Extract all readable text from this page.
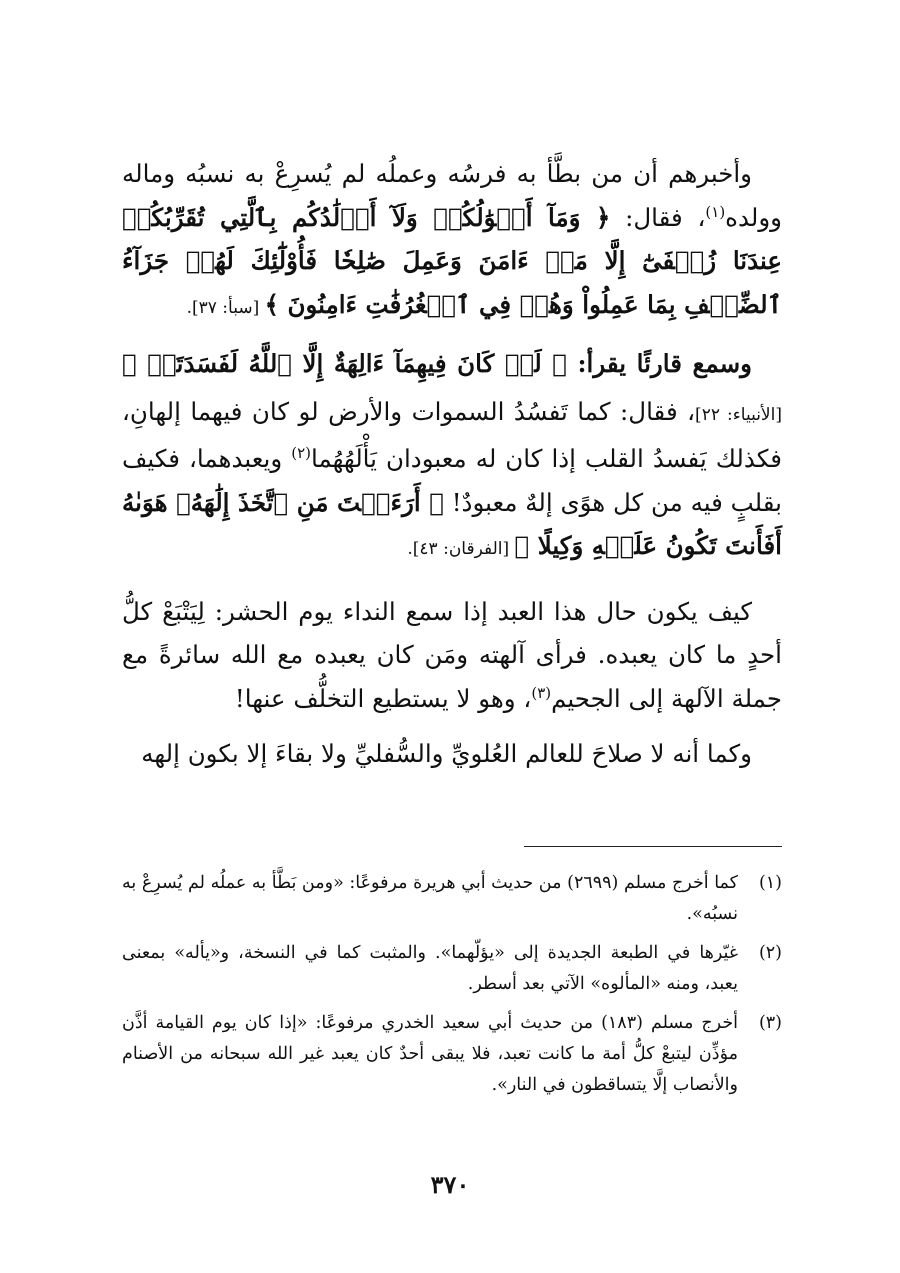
وأخبرهم أن من بطَّأ به فرسُه وعملُه لم يُسرِعْ به نسبُه وماله وولده$^{(١)}$، فقال: ﴿ وَمَآ أَمۡوَٰلُكُمۡ وَلَآ أَوۡلَٰدُكُم بِٱلَّتِي تُقَرِّبُكُمۡ عِندَنَا زُلۡفَىٰٓ إِلَّا مَنۡ ءَامَنَ وَعَمِلَ صَٰلِحٗا فَأُوْلَٰٓئِكَ لَهُمۡ جَزَآءُ ٱلضِّعۡفِ بِمَا عَمِلُواْ وَهُمۡ فِي ٱلۡغُرُفَٰتِ ءَامِنُونَ ﴾ [سبأ: ٣٧].

وسمع قارئًا يقرأ: ﴿ لَوۡ كَانَ فِيهِمَآ ءَالِهَةٌ إِلَّا ٱللَّهُ لَفَسَدَتَاۚ ﴾ [الأنبياء: ٢٢]، فقال: كما تَفسُدُ السموات والأرض لو كان فيهما إلهانِ، فكذلك يَفسدُ القلب إذا كان له معبودان يَأْلَهُهُما$^{(٢)}$ ويعبدهما، فكيف بقلبٍ فيه من كل هوًى إلهٌ معبودٌ! ﴿ أَرَءَيۡتَ مَنِ ٱتَّخَذَ إِلَٰهَهُۥ هَوَىٰهُ أَفَأَنتَ تَكُونُ عَلَيۡهِ وَكِيلًا ﴾ [الفرقان: ٤٣].

كيف يكون حال هذا العبد إذا سمع النداء يوم الحشر: لِيَتْبَعْ كلُّ أحدٍ ما كان يعبده. فرأى آلهته ومَن كان يعبده مع الله سائرةً مع جملة الآلهة إلى الجحيم$^{(٣)}$، وهو لا يستطيع التخلُّف عنها!

وكما أنه لا صلاحَ للعالم العُلويِّ والسُّفليِّ ولا بقاءَ إلا بكون إلهه

(١)
كما أخرج مسلم (٢٦٩٩) من حديث أبي هريرة مرفوعًا: «ومن بَطَّأ به عملُه لم يُسرِعْ به نسبُه».
(٢)
غيّرها في الطبعة الجديدة إلى «يؤلّهما». والمثبت كما في النسخة، و«يأله» بمعنى يعبد، ومنه «المألوه» الآتي بعد أسطر.
(٣)
أخرج مسلم (١٨٣) من حديث أبي سعيد الخدري مرفوعًا: «إذا كان يوم القيامة أذَّن مؤذِّن ليتبعْ كلُّ أمة ما كانت تعبد، فلا يبقى أحدٌ كان يعبد غير الله سبحانه من الأصنام والأنصاب إلَّا يتساقطون في النار».
٣٧٠
